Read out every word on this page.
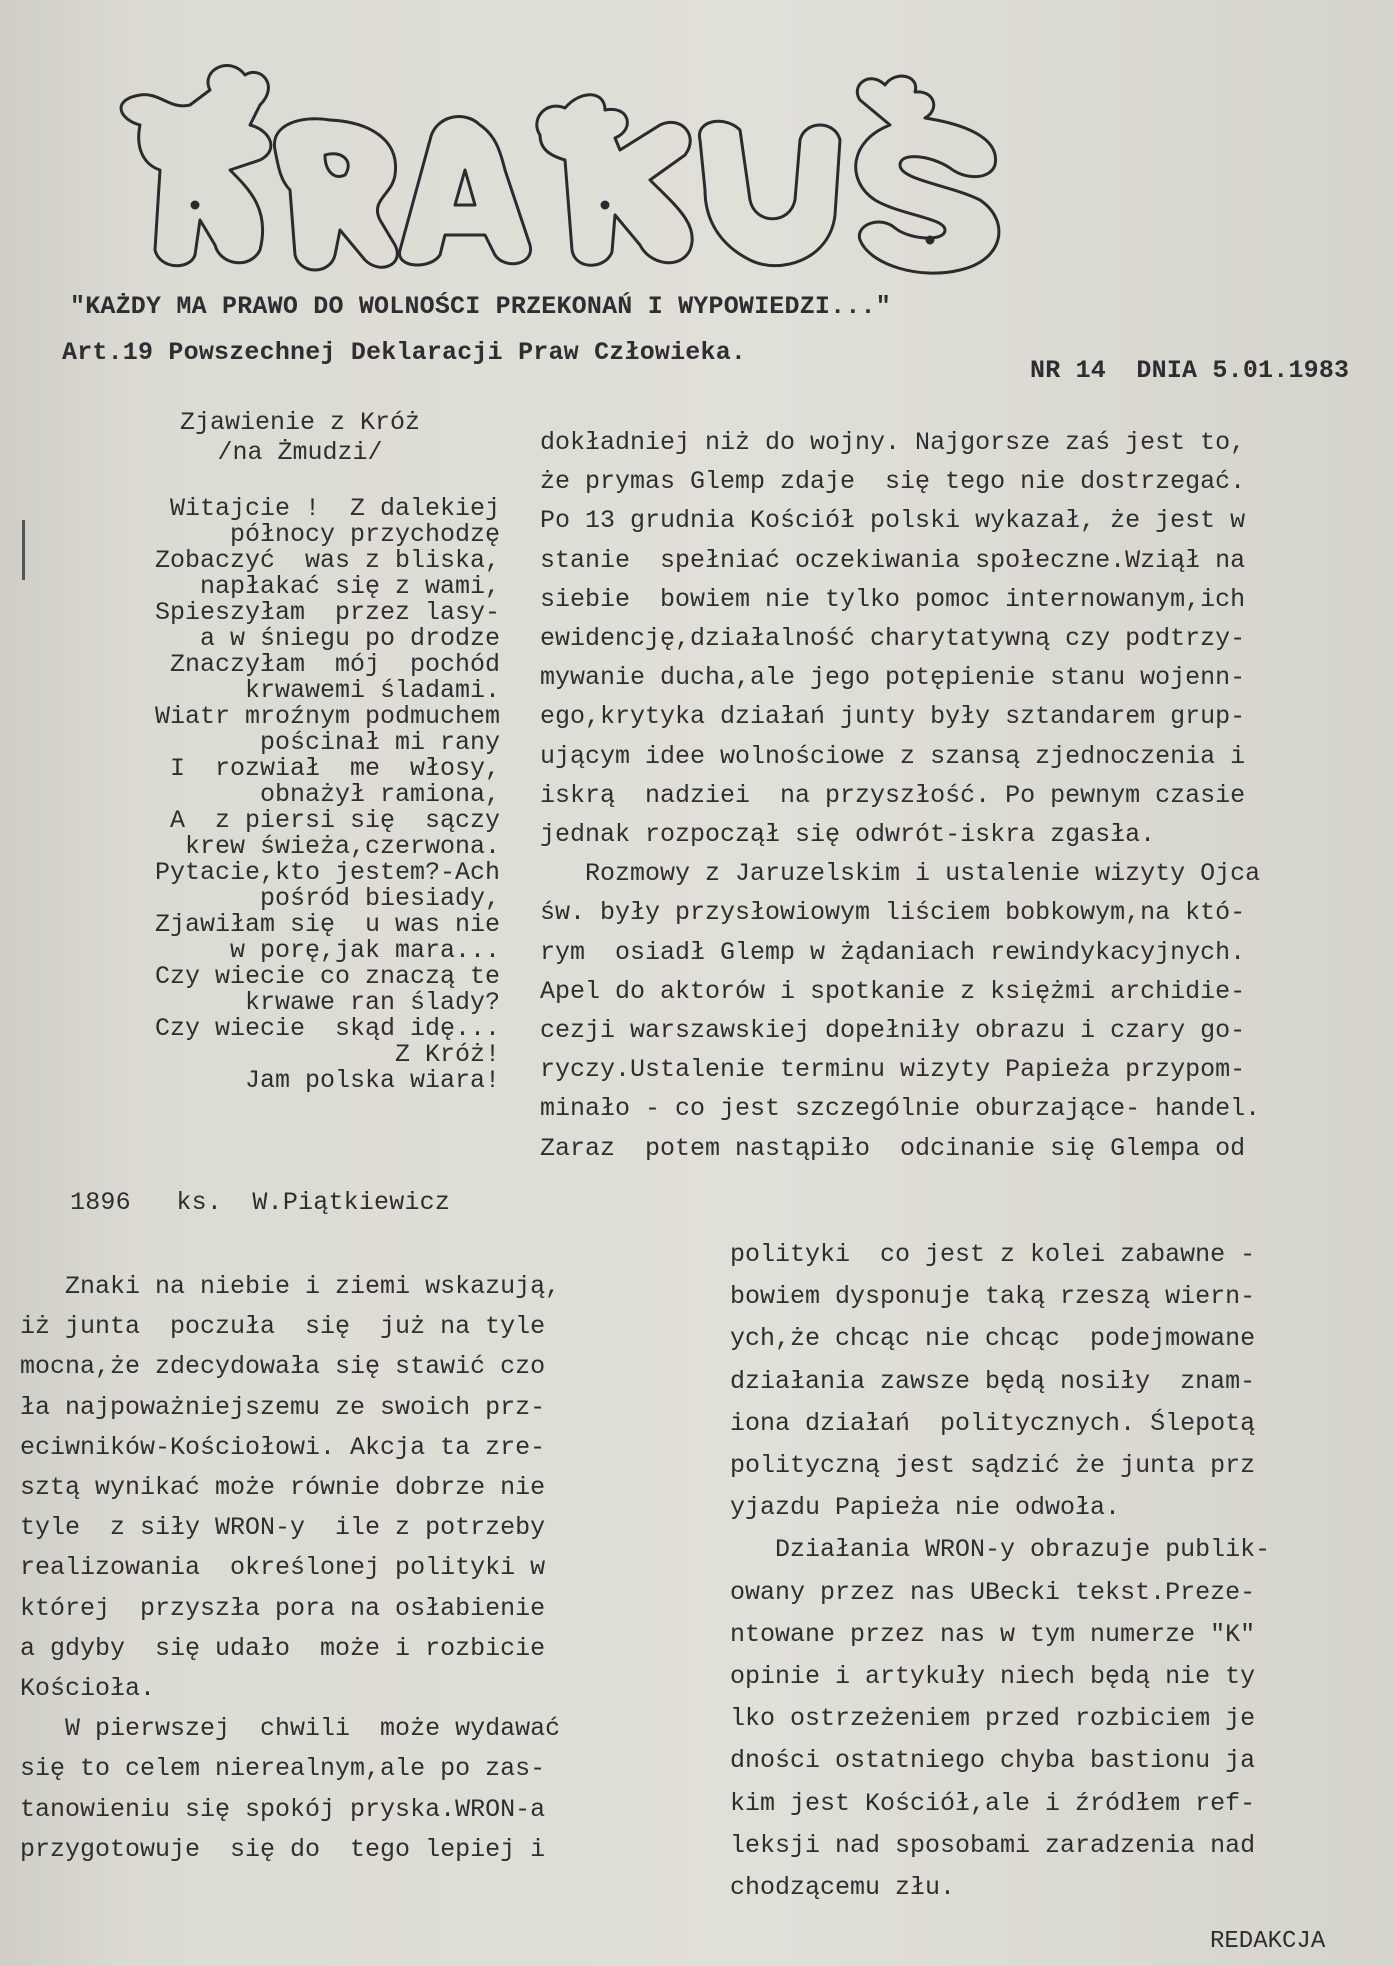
"KAŻDY MA PRAWO DO WOLNOŚCI PRZEKONAŃ I WYPOWIEDZI..."
Art.19 Powszechnej Deklaracji Praw Człowieka.
NR 14  DNIA 5.01.1983
Zjawienie z Króż
/na Żmudzi/
Witajcie !  Z dalekiej
północy przychodzę
Zobaczyć  was z bliska,
napłakać się z wami,
Spieszyłam  przez lasy-
a w śniegu po drodze
Znaczyłam  mój  pochód
krwawemi śladami.
Wiatr mroźnym podmuchem
pościnał mi rany
I  rozwiał  me  włosy,
obnażył ramiona,
A  z piersi się  sączy
krew świeża,czerwona.
Pytacie,kto jestem?-Ach
pośród biesiady,
Zjawiłam się  u was nie
w porę,jak mara...
Czy wiecie co znaczą te
krwawe ran ślady?
Czy wiecie  skąd idę...
Z Króż!
Jam polska wiara!
1896   ks.  W.Piątkiewicz
dokładniej niż do wojny. Najgorsze zaś jest to,
że prymas Glemp zdaje  się tego nie dostrzegać.
Po 13 grudnia Kościół polski wykazał, że jest w
stanie  spełniać oczekiwania społeczne.Wziął na
siebie  bowiem nie tylko pomoc internowanym,ich
ewidencję,działalność charytatywną czy podtrzy-
mywanie ducha,ale jego potępienie stanu wojenn-
ego,krytyka działań junty były sztandarem grup-
ującym idee wolnościowe z szansą zjednoczenia i
iskrą  nadziei  na przyszłość. Po pewnym czasie
jednak rozpoczął się odwrót-iskra zgasła.
Rozmowy z Jaruzelskim i ustalenie wizyty Ojca
św. były przysłowiowym liściem bobkowym,na któ-
rym  osiadł Glemp w żądaniach rewindykacyjnych.
Apel do aktorów i spotkanie z księżmi archidie-
cezji warszawskiej dopełniły obrazu i czary go-
ryczy.Ustalenie terminu wizyty Papieża przypom-
minało - co jest szczególnie oburzające- handel.
Zaraz  potem nastąpiło  odcinanie się Glempa od
Znaki na niebie i ziemi wskazują,
iż junta  poczuła  się  już na tyle
mocna,że zdecydowała się stawić czo
ła najpoważniejszemu ze swoich prz-
eciwników-Kościołowi. Akcja ta zre-
sztą wynikać może równie dobrze nie
tyle  z siły WRON-y  ile z potrzeby
realizowania  określonej polityki w
której  przyszła pora na osłabienie
a gdyby  się udało  może i rozbicie
Kościoła.
W pierwszej  chwili  może wydawać
się to celem nierealnym,ale po zas-
tanowieniu się spokój pryska.WRON-a
przygotowuje  się do  tego lepiej i
polityki  co jest z kolei zabawne -
bowiem dysponuje taką rzeszą wiern-
ych,że chcąc nie chcąc  podejmowane
działania zawsze będą nosiły  znam-
iona działań  politycznych. Ślepotą
polityczną jest sądzić że junta prz
yjazdu Papieża nie odwoła.
Działania WRON-y obrazuje publik-
owany przez nas UBecki tekst.Preze-
ntowane przez nas w tym numerze "K"
opinie i artykuły niech będą nie ty
lko ostrzeżeniem przed rozbiciem je
dności ostatniego chyba bastionu ja
kim jest Kościół,ale i źródłem ref-
leksji nad sposobami zaradzenia nad
chodzącemu złu.
REDAKCJA
